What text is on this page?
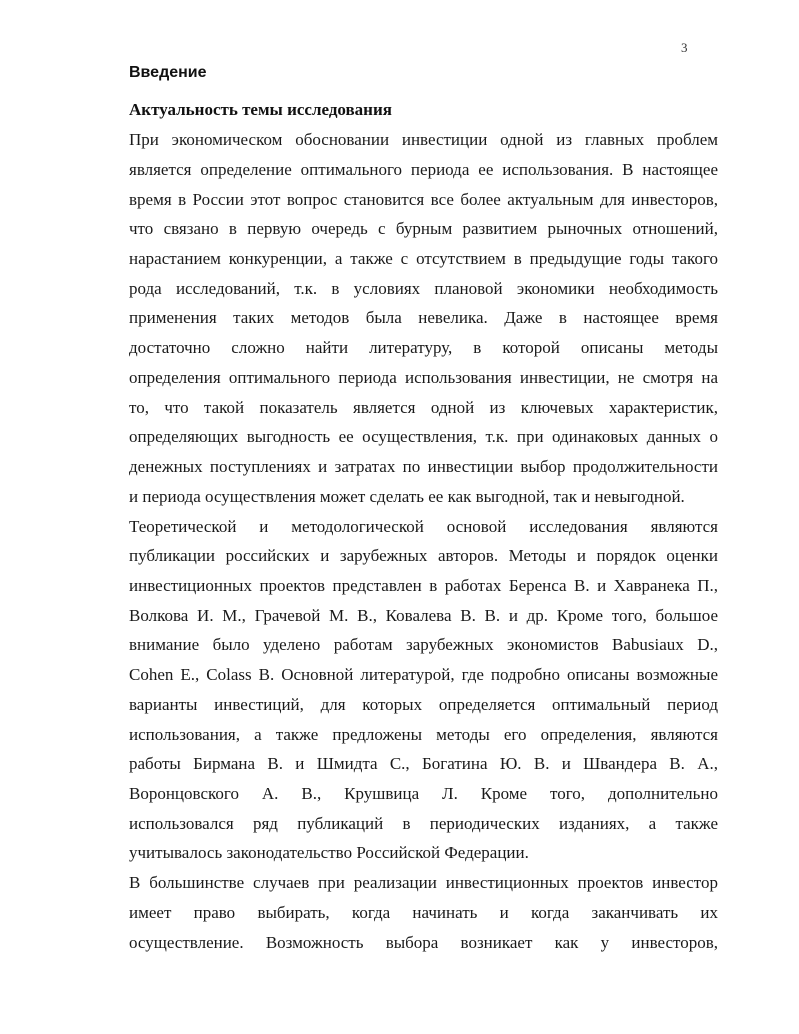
3
Введение
Актуальность темы исследования
При экономическом обосновании инвестиции одной из главных проблем
является определение оптимального периода ее использования. В настоящее
время в России этот вопрос становится все более актуальным для инвесторов,
что связано в первую очередь с бурным развитием рыночных отношений,
нарастанием конкуренции, а также с отсутствием в предыдущие годы такого
рода исследований, т.к. в условиях плановой экономики необходимость
применения таких методов была невелика. Даже в настоящее время
достаточно сложно найти литературу, в которой описаны методы
определения оптимального периода использования инвестиции, не смотря на
то, что такой показатель является одной из ключевых характеристик,
определяющих выгодность ее осуществления, т.к. при одинаковых данных о
денежных поступлениях и затратах по инвестиции выбор продолжительности
и периода осуществления может сделать ее как выгодной, так и невыгодной.
Теоретической и методологической основой исследования являются
публикации российских и зарубежных авторов. Методы и порядок оценки
инвестиционных проектов представлен в работах Беренса В. и Хавранека П.,
Волкова И. М., Грачевой М. В., Ковалева В. В. и др. Кроме того, большое
внимание было уделено работам зарубежных экономистов Babusiaux D.,
Cohen E., Colass B. Основной литературой, где подробно описаны возможные
варианты инвестиций, для которых определяется оптимальный период
использования, а также предложены методы его определения, являются
работы Бирмана В. и Шмидта С., Богатина Ю. В. и Швандера В. А.,
Воронцовского А. В., Крушвица Л. Кроме того, дополнительно
использовался ряд публикаций в периодических изданиях, а также
учитывалось законодательство Российской Федерации.
В большинстве случаев при реализации инвестиционных проектов инвестор
имеет право выбирать, когда начинать и когда заканчивать их
осуществление. Возможность выбора возникает как у инвесторов,
